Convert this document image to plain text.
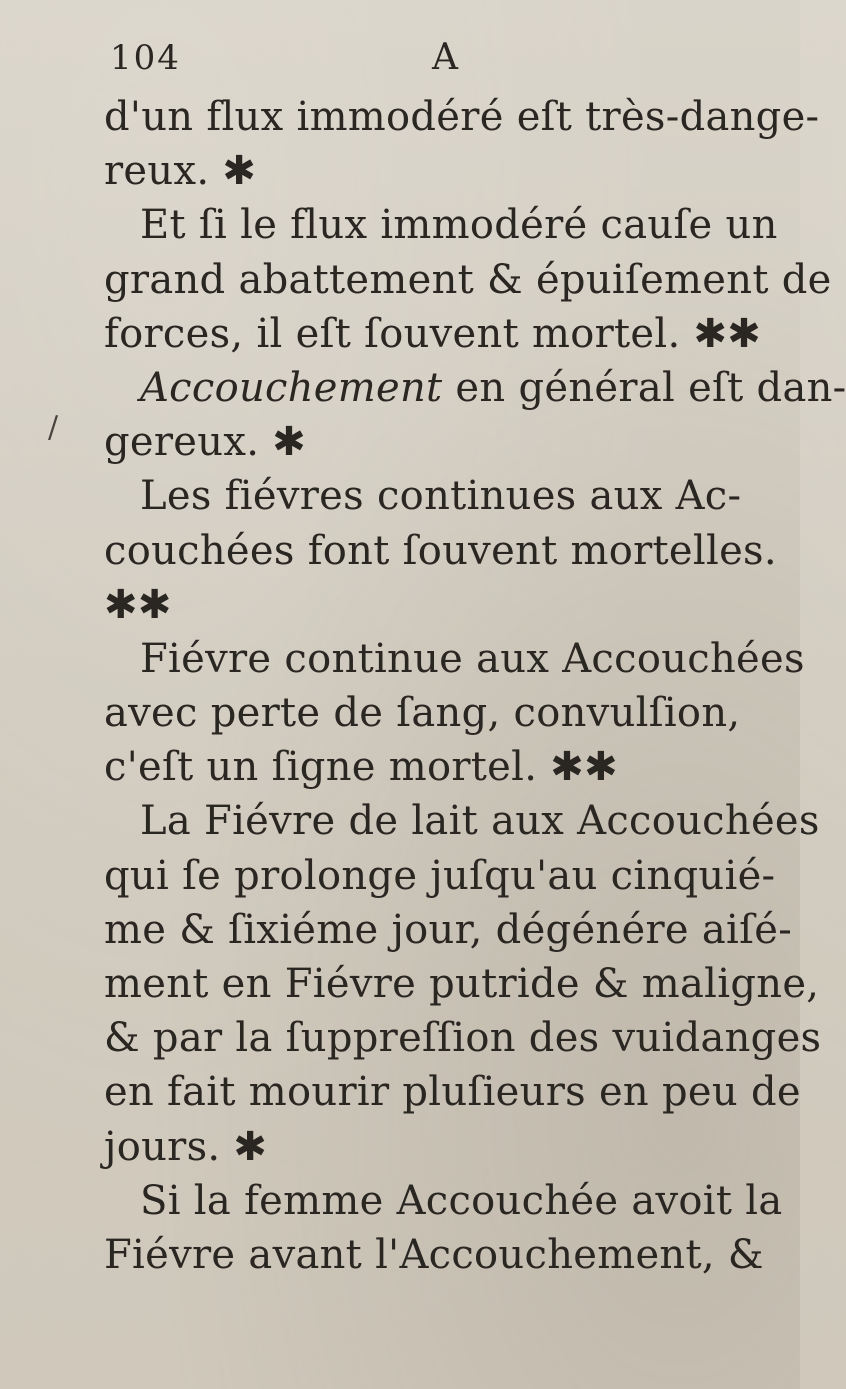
104	A
/
d'un flux immodéré eſt très-dange-
reux. ✱
Et ſi le flux immodéré cauſe un
grand abattement & épuiſement de
forces, il eſt ſouvent mortel. ✱✱
Accouchement en général eſt dan-
gereux. ✱
Les fiévres continues aux Ac-
couchées font ſouvent mortelles.
✱✱
Fiévre continue aux Accouchées
avec perte de ſang, convulſion,
c'eſt un ſigne mortel. ✱✱
La Fiévre de lait aux Accouchées
qui ſe prolonge juſqu'au cinquié-
me & ſixiéme jour, dégénére aiſé-
ment en Fiévre putride & maligne,
& par la ſuppreſſion des vuidanges
en fait mourir pluſieurs en peu de
jours. ✱
Si la femme Accouchée avoit la
Fiévre avant l'Accouchement, &
